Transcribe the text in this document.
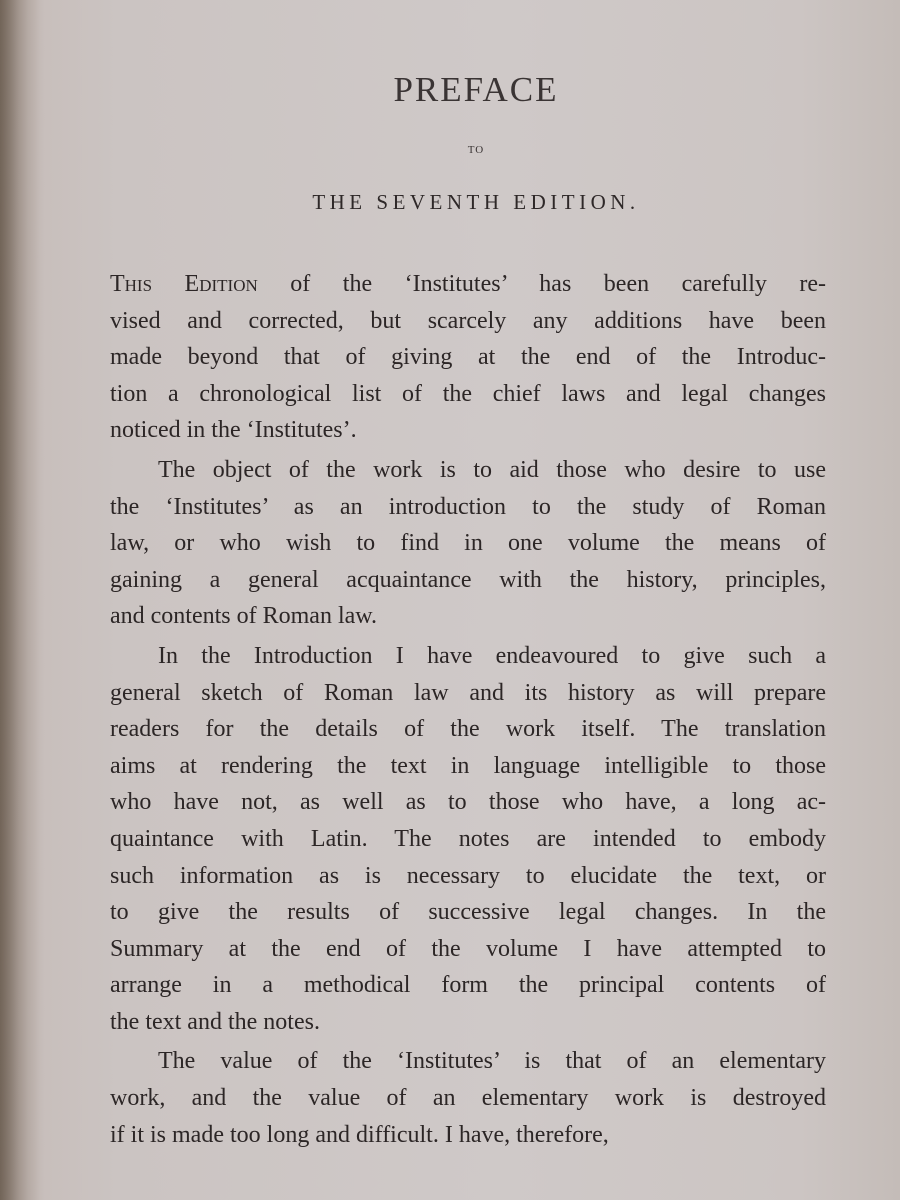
PREFACE
TO
THE SEVENTH EDITION.
This Edition of the ‘Institutes’ has been carefully re-
vised and corrected, but scarcely any additions have been
made beyond that of giving at the end of the Introduc-
tion a chronological list of the chief laws and legal changes
noticed in the ‘Institutes’.
The object of the work is to aid those who desire to use
the ‘Institutes’ as an introduction to the study of Roman
law, or who wish to find in one volume the means of
gaining a general acquaintance with the history, principles,
and contents of Roman law.
In the Introduction I have endeavoured to give such a
general sketch of Roman law and its history as will prepare
readers for the details of the work itself. The translation
aims at rendering the text in language intelligible to those
who have not, as well as to those who have, a long ac-
quaintance with Latin. The notes are intended to embody
such information as is necessary to elucidate the text, or
to give the results of successive legal changes. In the
Summary at the end of the volume I have attempted to
arrange in a methodical form the principal contents of
the text and the notes.
The value of the ‘Institutes’ is that of an elementary
work, and the value of an elementary work is destroyed
if it is made too long and difficult. I have, therefore,
